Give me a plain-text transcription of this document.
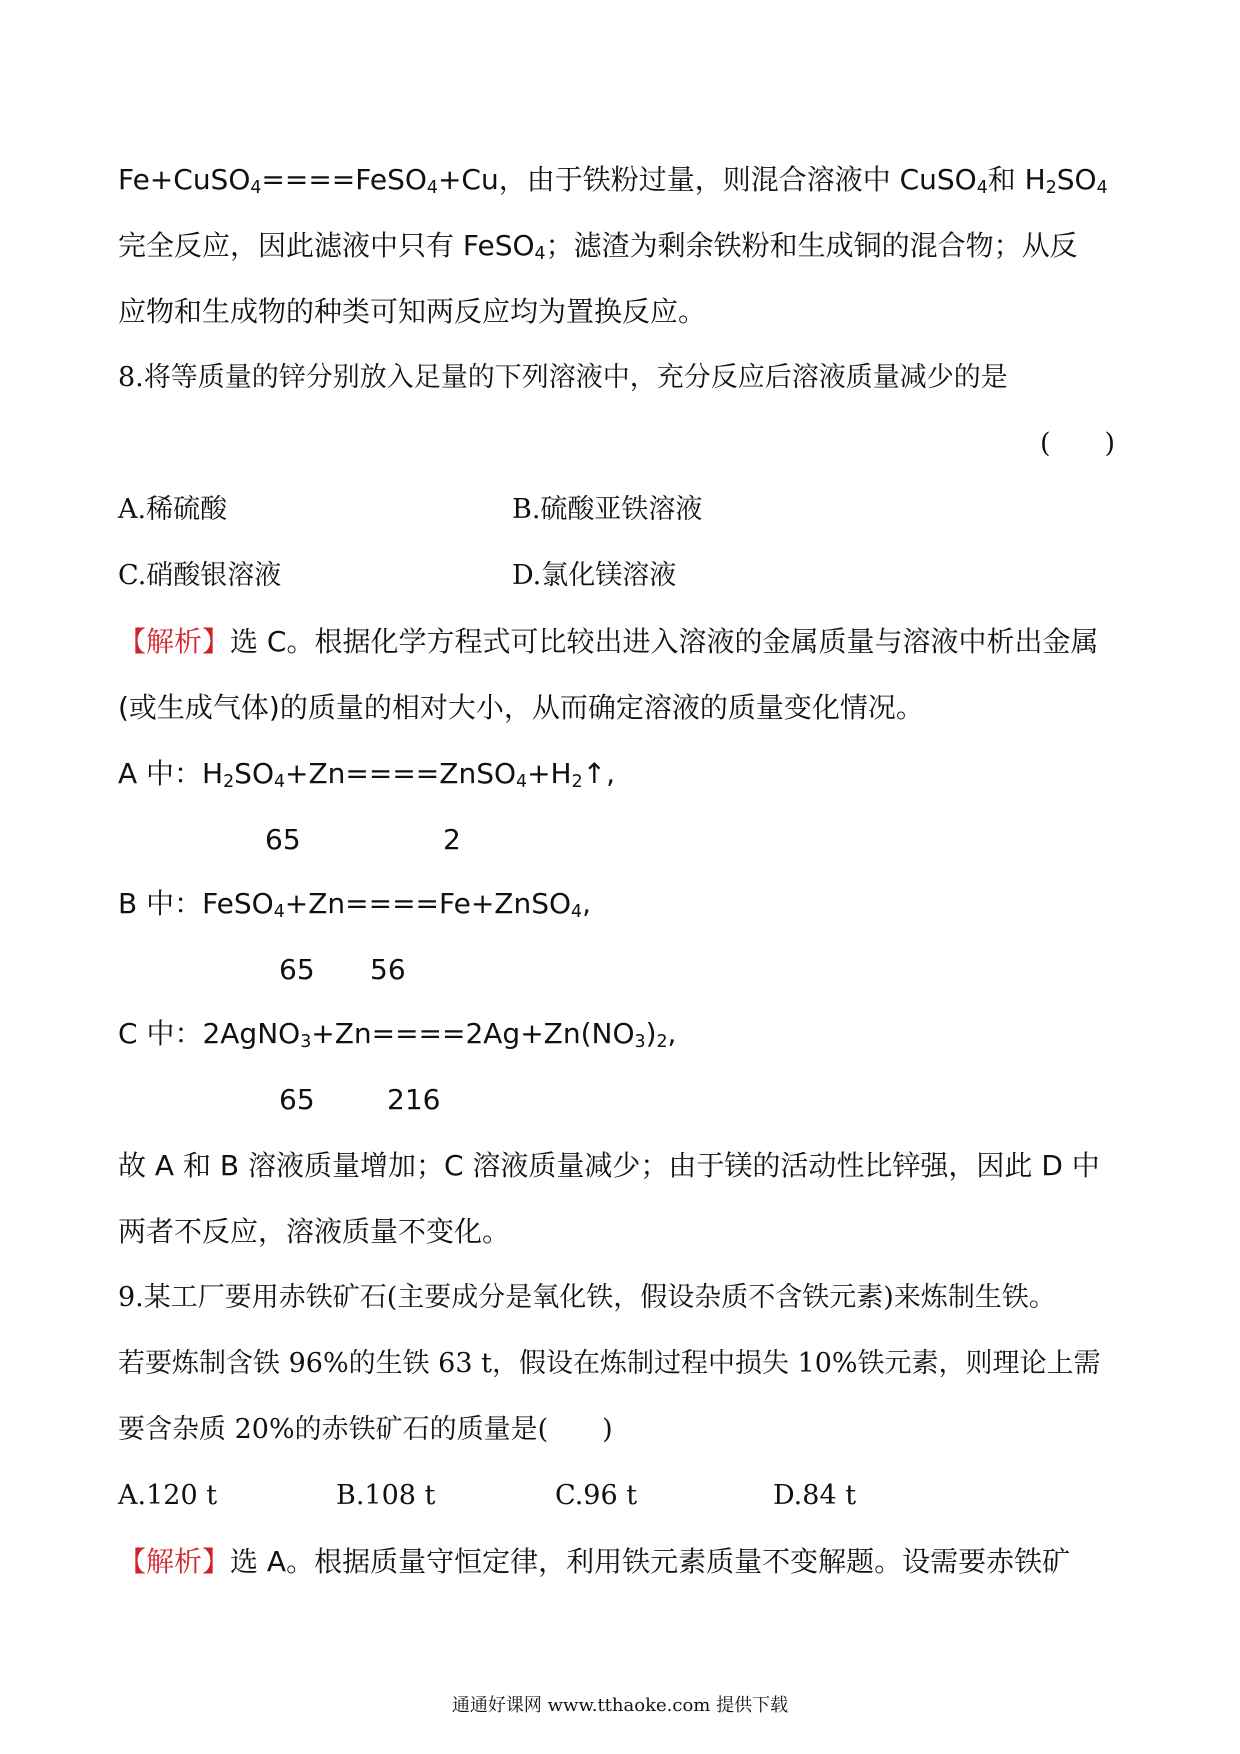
Fe+CuSO$_4$====FeSO$_4$+Cu，由于铁粉过量，则混合溶液中 CuSO$_4$和 $H_2SO_4$
完全反应，因此滤液中只有 FeSO$_4$；滤渣为剩余铁粉和生成铜的混合物；从反
应物和生成物的种类可知两反应均为置换反应。
8.将等质量的锌分别放入足量的下列溶液中，充分反应后溶液质量减少的是
(　　)
A.稀硫酸	B.硫酸亚铁溶液
C.硝酸银溶液	D.氯化镁溶液
【解析】选 C。根据化学方程式可比较出进入溶液的金属质量与溶液中析出金属
(或生成气体)的质量的相对大小，从而确定溶液的质量变化情况。
A 中：$H_2SO_4+Zn====ZnSO_4+H_2↑$,
65	2
B 中：FeSO$_4$+Zn====Fe+ZnSO$_4$,
65 56
C 中：$2AgNO_3+Zn====2Ag+Zn(NO_3)_2$,
65	216
故 A 和 B 溶液质量增加；C 溶液质量减少；由于镁的活动性比锌强，因此 D 中
两者不反应，溶液质量不变化。
9.某工厂要用赤铁矿石(主要成分是氧化铁，假设杂质不含铁元素)来炼制生铁。
若要炼制含铁 96%的生铁 63 t，假设在炼制过程中损失 10%铁元素，则理论上需
要含杂质 20%的赤铁矿石的质量是(　　)
A.120 t	B.108 t	C.96 t	D.84 t
【解析】选 A。根据质量守恒定律，利用铁元素质量不变解题。设需要赤铁矿
通通好课网 www.tthaoke.com 提供下载
